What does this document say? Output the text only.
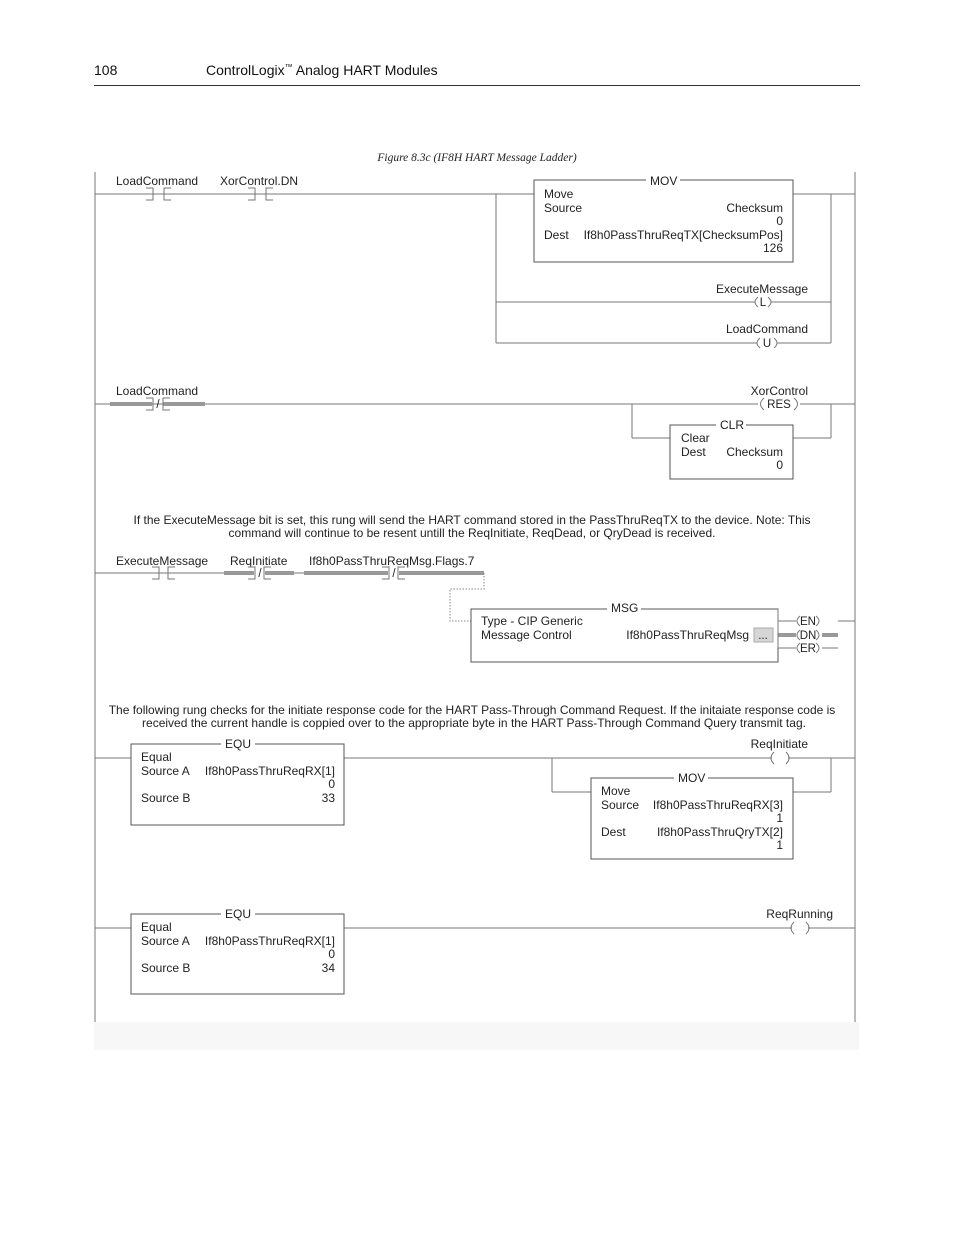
108	ControlLogix™ Analog HART Modules
Figure 8.3c (IF8H HART Message Ladder)
LoadCommand XorControl.DN	MOV
Move
Source	Checksum
0
Dest If8h0PassThruReqTX[ChecksumPos]
126
ExecuteMessage
L
LoadCommand
U
LoadCommand
/
XorControl
RES
CLR
Clear
Dest Checksum
0
If the ExecuteMessage bit is set, this rung will send the HART command stored in the PassThruReqTX to the device. Note: This
command will continue to be resent untill the ReqInitiate, ReqDead, or QryDead is received.
ExecuteMessage ReqInitiate
/
If8h0PassThruReqMsg.Flags.7
/
MSG
Type - CIP Generic
Message Control	If8h0PassThruReqMsg ...
EN
DN
ER
The following rung checks for the initiate response code for the HART Pass-Through Command Request. If the initaiate response code is
received the current handle is coppied over to the appropriate byte in the HART Pass-Through Command Query transmit tag.
EQU
Equal
Source A If8h0PassThruReqRX[1]
0
Source B	33
ReqInitiate
MOV
Move
Source If8h0PassThruReqRX[3]
1
Dest	If8h0PassThruQryTX[2]
1
EQU
Equal
Source A If8h0PassThruReqRX[1]
0
Source B	34
ReqRunning
